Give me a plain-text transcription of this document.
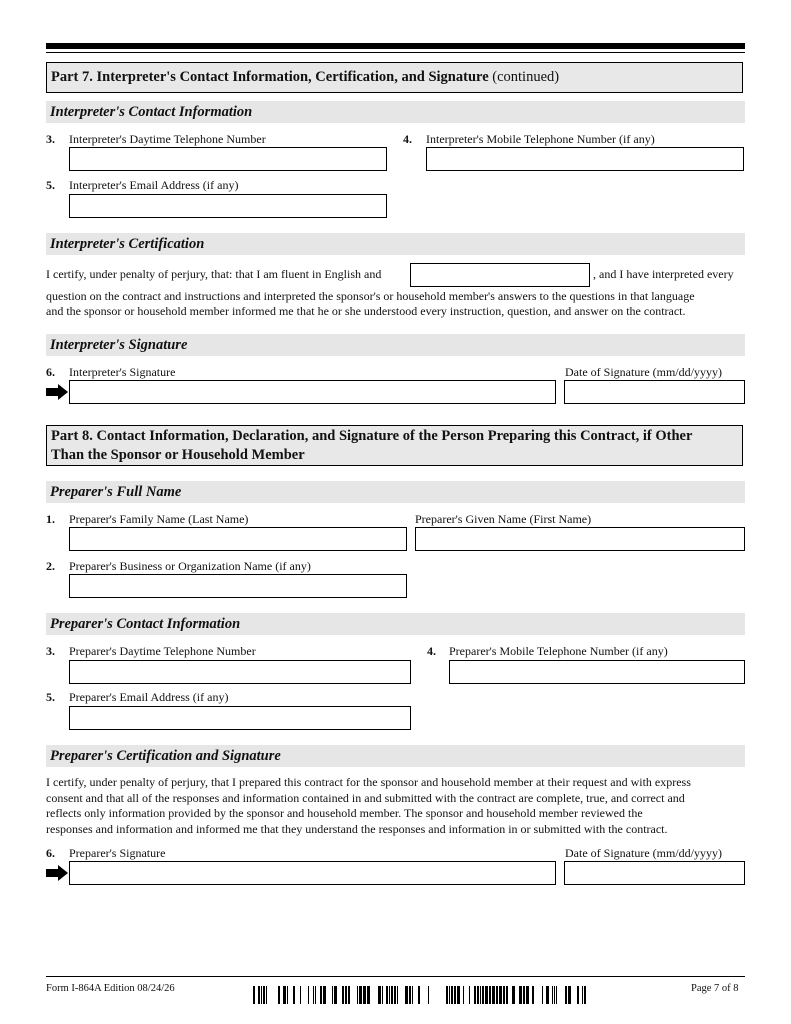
Part 7. Interpreter's Contact Information, Certification, and Signature (continued)
Interpreter's Contact Information
3. Interpreter's Daytime Telephone Number	4. Interpreter's Mobile Telephone Number (if any)
5. Interpreter's Email Address (if any)
Interpreter's Certification
I certify, under penalty of perjury, that: that I am fluent in English and	, and I have interpreted every
question on the contract and instructions and interpreted the sponsor's or household member's answers to the questions in that language
and the sponsor or household member informed me that he or she understood every instruction, question, and answer on the contract.
Interpreter's Signature
6. Interpreter's Signature	Date of Signature (mm/dd/yyyy)
Part 8. Contact Information, Declaration, and Signature of the Person Preparing this Contract, if Other
Than the Sponsor or Household Member
Preparer's Full Name
1. Preparer's Family Name (Last Name)	Preparer's Given Name (First Name)
2. Preparer's Business or Organization Name (if any)
Preparer's Contact Information
3. Preparer's Daytime Telephone Number	4. Preparer's Mobile Telephone Number (if any)
5. Preparer's Email Address (if any)
Preparer's Certification and Signature
I certify, under penalty of perjury, that I prepared this contract for the sponsor and household member at their request and with express
consent and that all of the responses and information contained in and submitted with the contract are complete, true, and correct and
reflects only information provided by the sponsor and household member. The sponsor and household member reviewed the
responses and information and informed me that they understand the responses and information in or submitted with the contract.
6. Preparer's Signature	Date of Signature (mm/dd/yyyy)
Form I-864A Edition 08/24/26	Page 7 of 8
